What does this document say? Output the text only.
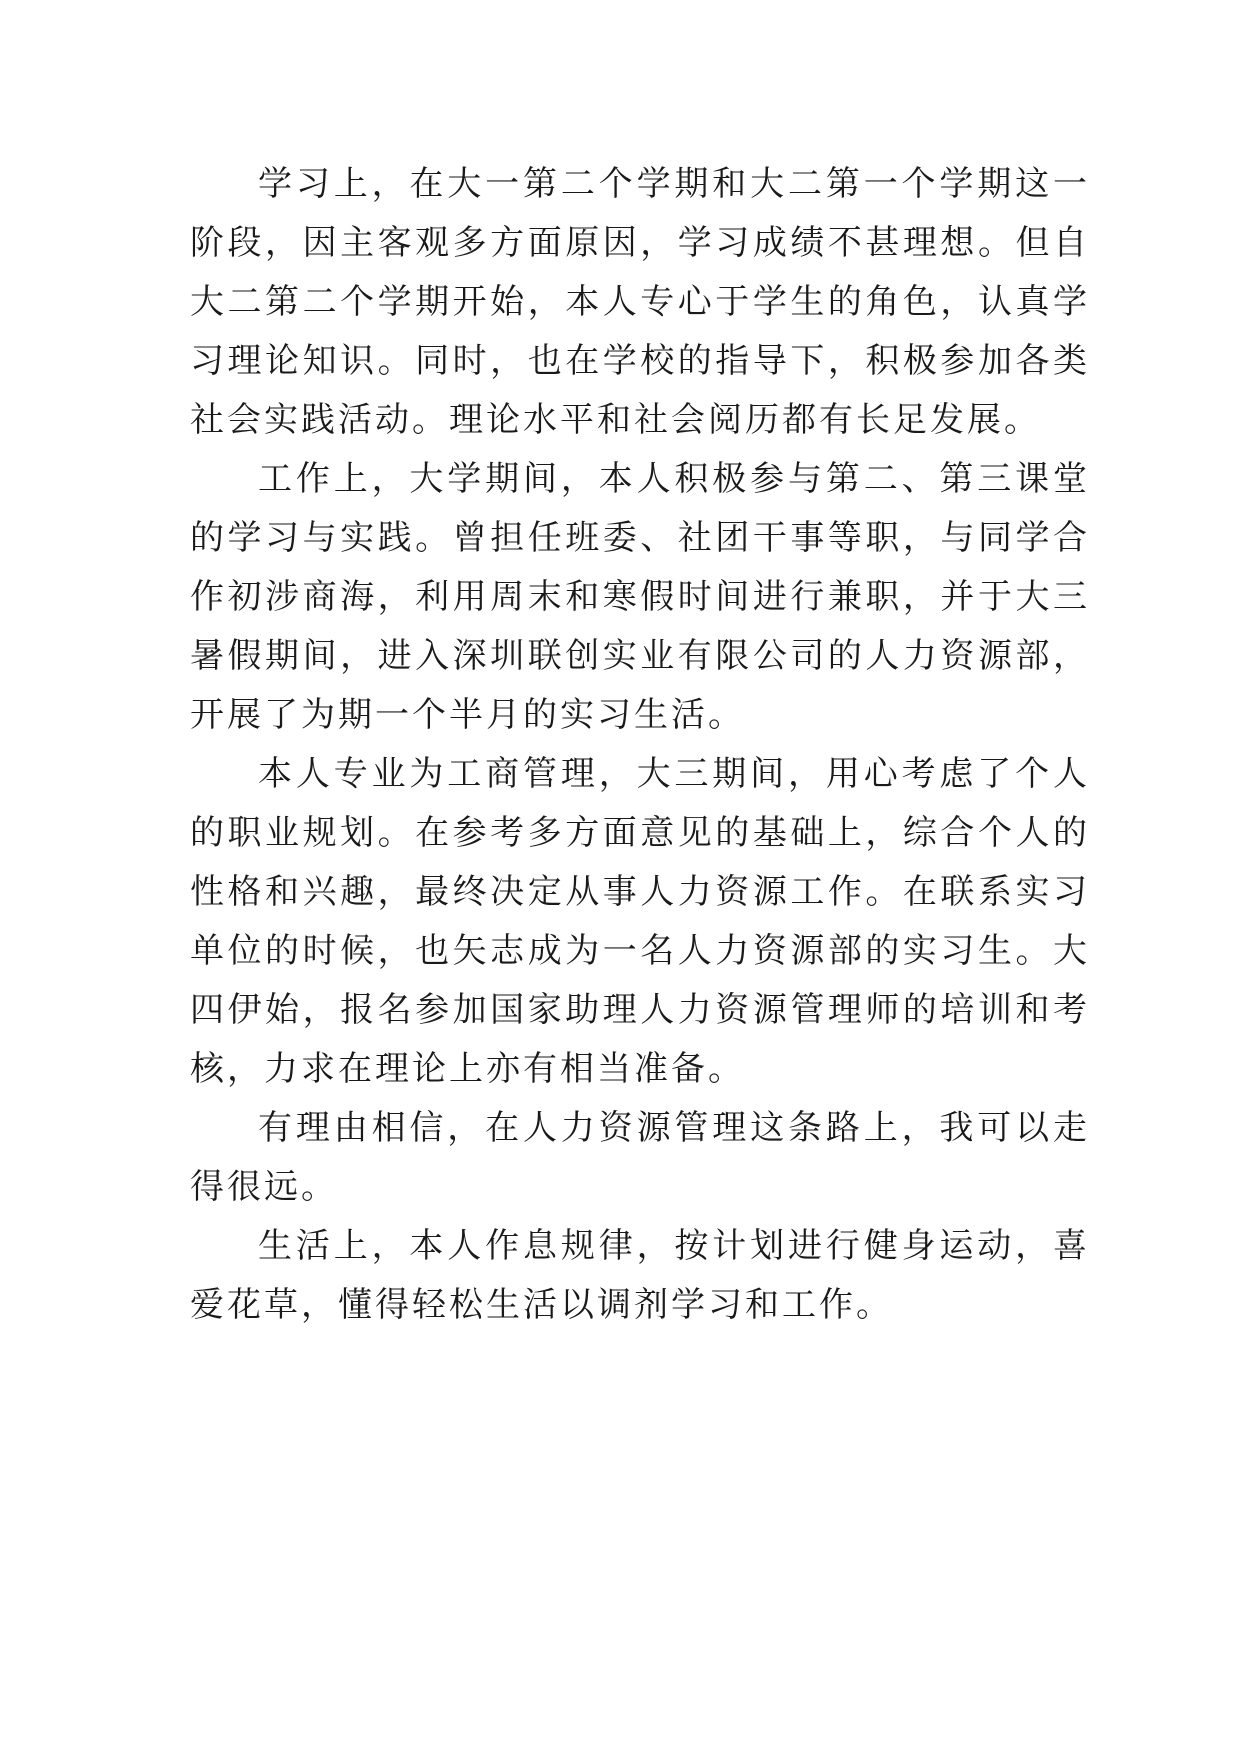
学习上，在大一第二个学期和大二第一个学期这一阶段，因主客观多方面原因，学习成绩不甚理想。但自大二第二个学期开始，本人专心于学生的角色，认真学习理论知识。同时，也在学校的指导下，积极参加各类社会实践活动。理论水平和社会阅历都有长足发展。

工作上，大学期间，本人积极参与第二、第三课堂的学习与实践。曾担任班委、社团干事等职，与同学合作初涉商海，利用周末和寒假时间进行兼职，并于大三暑假期间，进入深圳联创实业有限公司的人力资源部，开展了为期一个半月的实习生活。

本人专业为工商管理，大三期间，用心考虑了个人的职业规划。在参考多方面意见的基础上，综合个人的性格和兴趣，最终决定从事人力资源工作。在联系实习单位的时候，也矢志成为一名人力资源部的实习生。大四伊始，报名参加国家助理人力资源管理师的培训和考核，力求在理论上亦有相当准备。

有理由相信，在人力资源管理这条路上，我可以走得很远。

生活上，本人作息规律，按计划进行健身运动，喜爱花草，懂得轻松生活以调剂学习和工作。
